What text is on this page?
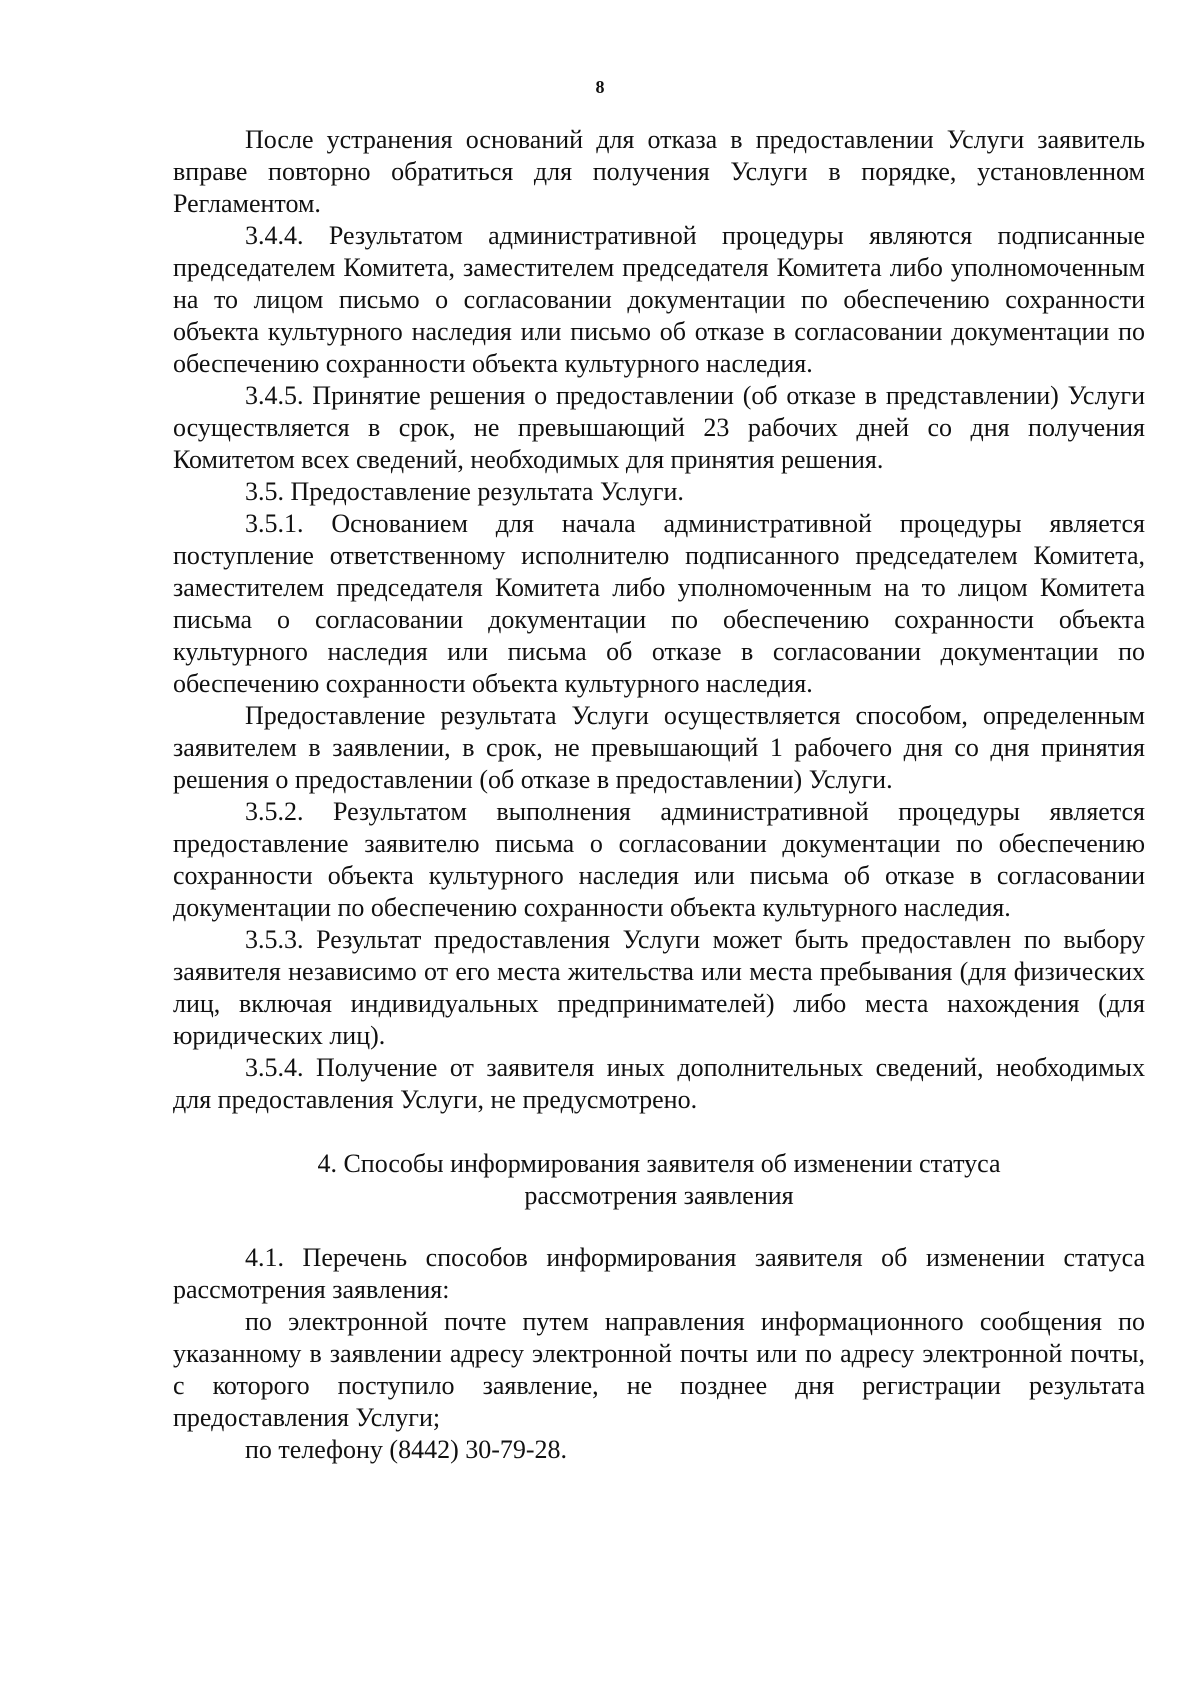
8

После устранения оснований для отказа в предоставлении Услуги заявитель вправе повторно обратиться для получения Услуги в порядке, установленном Регламентом.

3.4.4. Результатом административной процедуры являются подписанные председателем Комитета, заместителем председателя Комитета либо уполномоченным на то лицом письмо о согласовании документации по обеспечению сохранности объекта культурного наследия или письмо об отказе в согласовании документации по обеспечению сохранности объекта культурного наследия.

3.4.5. Принятие решения о предоставлении (об отказе в представлении) Услуги осуществляется в срок, не превышающий 23 рабочих дней со дня получения Комитетом всех сведений, необходимых для принятия решения.

3.5. Предоставление результата Услуги.

3.5.1. Основанием для начала административной процедуры является поступление ответственному исполнителю подписанного председателем Комитета, заместителем председателя Комитета либо уполномоченным на то лицом Комитета письма о согласовании документации по обеспечению сохранности объекта культурного наследия или письма об отказе в согласовании документации по обеспечению сохранности объекта культурного наследия.

Предоставление результата Услуги осуществляется способом, определенным заявителем в заявлении, в срок, не превышающий 1 рабочего дня со дня принятия решения о предоставлении (об отказе в предоставлении) Услуги.

3.5.2. Результатом выполнения административной процедуры является предоставление заявителю письма о согласовании документации по обеспечению сохранности объекта культурного наследия или письма об отказе в согласовании документации по обеспечению сохранности объекта культурного наследия.

3.5.3. Результат предоставления Услуги может быть предоставлен по выбору заявителя независимо от его места жительства или места пребывания (для физических лиц, включая индивидуальных предпринимателей) либо места нахождения (для юридических лиц).

3.5.4. Получение от заявителя иных дополнительных сведений, необходимых для предоставления Услуги, не предусмотрено.

4. Способы информирования заявителя об изменении статуса
рассмотрения заявления

4.1. Перечень способов информирования заявителя об изменении статуса рассмотрения заявления:

по электронной почте путем направления информационного сообщения по указанному в заявлении адресу электронной почты или по адресу электронной почты, с которого поступило заявление, не позднее дня регистрации результата предоставления Услуги;

по телефону (8442) 30-79-28.
